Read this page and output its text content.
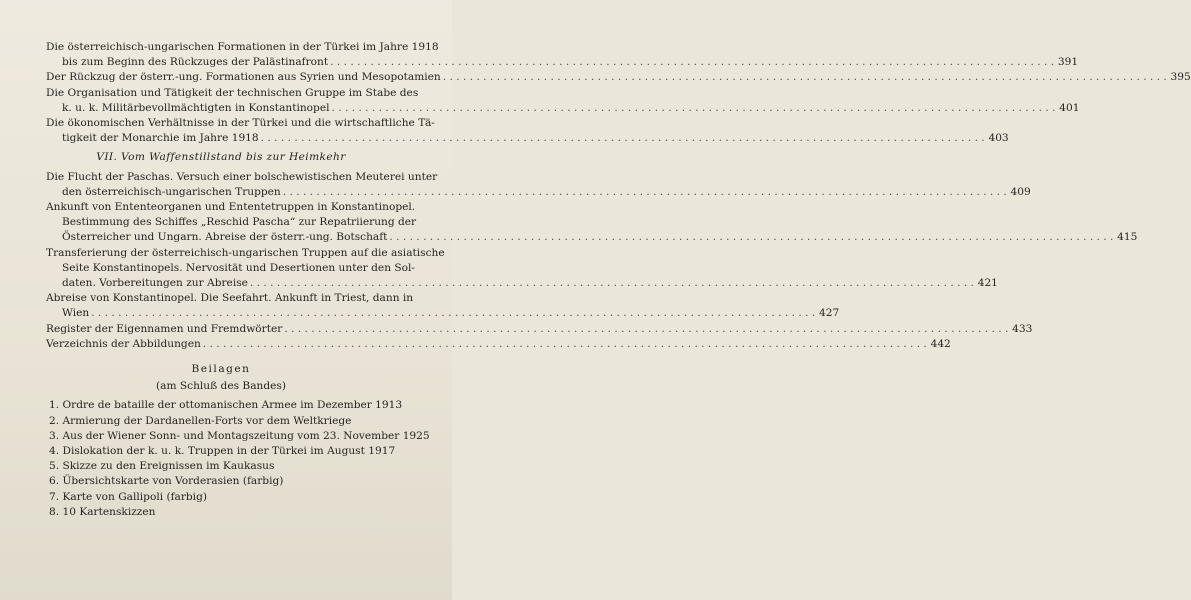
Die österreichisch-ungarischen Formationen in der Türkei im Jahre 1918
bis zum Beginn des Rückzuges der Palästinafront . . .	391
Der Rückzug der österr.-ung. Formationen aus Syrien und Mesopotamien . . .	395
Die Organisation und Tätigkeit der technischen Gruppe im Stabe des
k. u. k. Militärbevollmächtigten in Konstantinopel . . .	401
Die ökonomischen Verhältnisse in der Türkei und die wirtschaftliche Tä-
tigkeit der Monarchie im Jahre 1918 . . .	403
VII. Vom Waffenstillstand bis zur Heimkehr
Die Flucht der Paschas. Versuch einer bolschewistischen Meuterei unter
den österreichisch-ungarischen Truppen . . .	409
Ankunft von Ententeorganen und Ententetruppen in Konstantinopel.
Bestimmung des Schiffes „Reschid Pascha“ zur Repatriierung der
Österreicher und Ungarn. Abreise der österr.-ung. Botschaft . . .	415
Transferierung der österreichisch-ungarischen Truppen auf die asiatische
Seite Konstantinopels. Nervosität und Desertionen unter den Sol-
daten. Vorbereitungen zur Abreise . . .	421
Abreise von Konstantinopel. Die Seefahrt. Ankunft in Triest, dann in
Wien . . .	427
Register der Eigennamen und Fremdwörter . . .	433
Verzeichnis der Abbildungen . . .	442
Beilagen
(am Schluß des Bandes)
1. Ordre de bataille der ottomanischen Armee im Dezember 1913
2. Armierung der Dardanellen-Forts vor dem Weltkriege
3. Aus der Wiener Sonn- und Montagszeitung vom 23. November 1925
4. Dislokation der k. u. k. Truppen in der Türkei im August 1917
5. Skizze zu den Ereignissen im Kaukasus
6. Übersichtskarte von Vorderasien (farbig)
7. Karte von Gallipoli (farbig)
8. 10 Kartenskizzen
